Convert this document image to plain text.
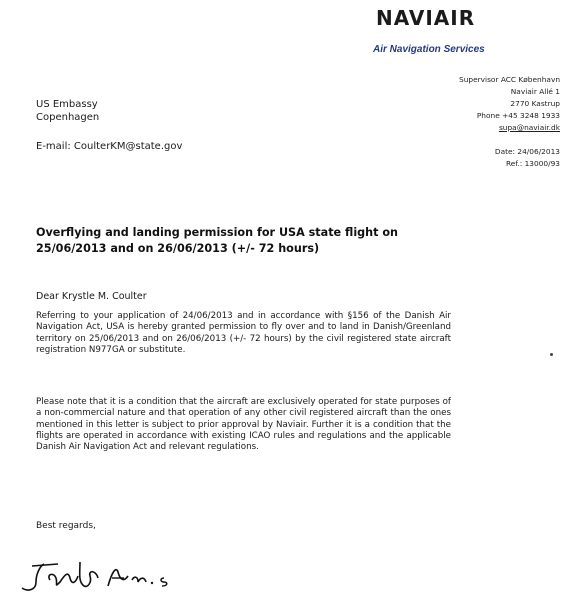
NAVIAIR
Air Navigation Services
Supervisor ACC København
Naviair Allé 1
2770 Kastrup
Phone +45 3248 1933
supa@naviair.dk
Date: 24/06/2013
Ref.: 13000/93
US Embassy
Copenhagen
E-mail: CoulterKM@state.gov
Overflying and landing permission for USA state flight on 25/06/2013 and on 26/06/2013 (+/- 72 hours)
Dear Krystle M. Coulter
Referring to your application of 24/06/2013 and in accordance with §156 of the Danish Air Navigation Act, USA is hereby granted permission to fly over and to land in Danish/Greenland territory on 25/06/2013 and on 26/06/2013 (+/- 72 hours) by the civil registered state aircraft registration N977GA or substitute.
Please note that it is a condition that the aircraft are exclusively operated for state purposes of a non-commercial nature and that operation of any other civil registered aircraft than the ones mentioned in this letter is subject to prior approval by Naviair. Further it is a condition that the flights are operated in accordance with existing ICAO rules and regulations and the applicable Danish Air Navigation Act and relevant regulations.
Best regards,
